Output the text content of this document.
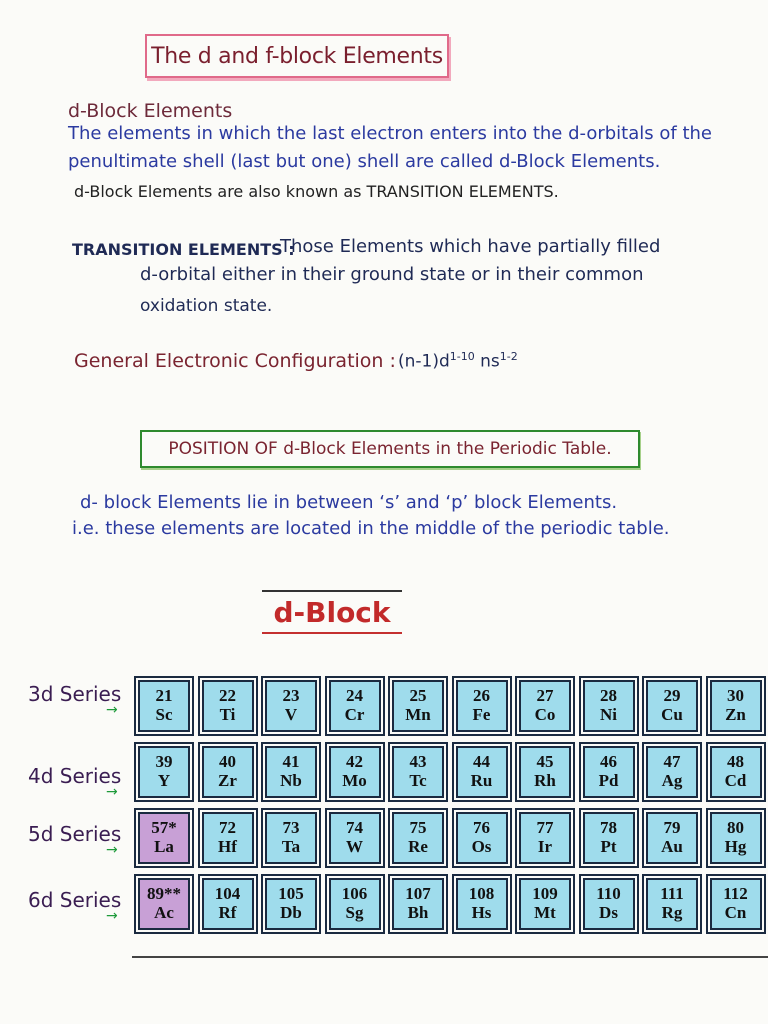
The d and f-block Elements
d-Block Elements
The elements in which the last electron enters into the d-orbitals of the
penultimate shell (last but one) shell are called d-Block Elements.
d-Block Elements are also known as TRANSITION ELEMENTS.
TRANSITION ELEMENTS :
Those Elements which have partially filled
d-orbital either in their ground state or in their common
oxidation state.
General Electronic Configuration : $(n-1)d^{1-10}$ $ns^{1-2}$
POSITION OF d-Block Elements in the Periodic Table.
d- block Elements lie in between ‘s’ and ‘p’ block Elements.
i.e. these elements are located in the middle of the periodic table.
d-Block
3d Series
→
21
Sc
22
Ti
23
V
24
Cr
25
Mn
26
Fe
27
Co
28
Ni
29
Cu
30
Zn
4d Series
→
39
Y
40
Zr
41
Nb
42
Mo
43
Tc
44
Ru
45
Rh
46
Pd
47
Ag
48
Cd
5d Series
→
57*
La
72
Hf
73
Ta
74
W
75
Re
76
Os
77
Ir
78
Pt
79
Au
80
Hg
6d Series
→
89**
Ac
104
Rf
105
Db
106
Sg
107
Bh
108
Hs
109
Mt
110
Ds
111
Rg
112
Cn
